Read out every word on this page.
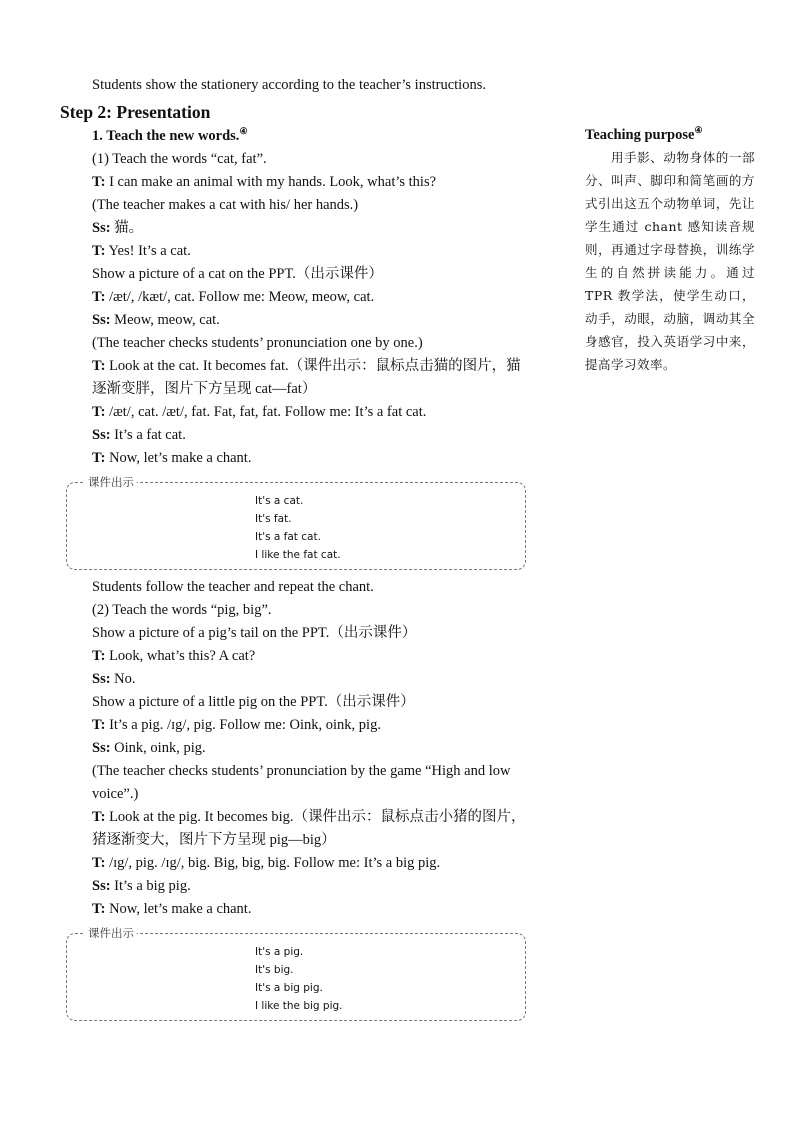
Students show the stationery according to the teacher’s instructions.
Step 2: Presentation
1. Teach the new words.④
(1) Teach the words “cat, fat”.
T: I can make an animal with my hands. Look, what’s this?
(The teacher makes a cat with his/ her hands.)
Ss: 猫。
T: Yes! It’s a cat.
Show a picture of a cat on the PPT.（出示课件）
T: /æt/, /kæt/, cat. Follow me: Meow, meow, cat.
Ss: Meow, meow, cat.
(The teacher checks students’ pronunciation one by one.)
T: Look at the cat. It becomes fat.（课件出示：鼠标点击猫的图片，猫逐渐变胖，图片下方呈现 cat—fat）
T: /æt/, cat. /æt/, fat. Fat, fat, fat. Follow me: It’s a fat cat.
Ss: It’s a fat cat.
T: Now, let’s make a chant.
课件出示
It's a cat.
It's fat.
It's a fat cat.
I like the fat cat.
Students follow the teacher and repeat the chant.
(2) Teach the words “pig, big”.
Show a picture of a pig’s tail on the PPT.（出示课件）
T: Look, what’s this? A cat?
Ss: No.
Show a picture of a little pig on the PPT.（出示课件）
T: It’s a pig. /ɪg/, pig. Follow me: Oink, oink, pig.
Ss: Oink, oink, pig.
(The teacher checks students’ pronunciation by the game “High and low voice”.)
T: Look at the pig. It becomes big.（课件出示：鼠标点击小猪的图片，猪逐渐变大，图片下方呈现 pig—big）
T: /ɪg/, pig. /ɪg/, big. Big, big, big. Follow me: It’s a big pig.
Ss: It’s a big pig.
T: Now, let’s make a chant.
课件出示
It's a pig.
It's big.
It's a big pig.
I like the big pig.
Teaching purpose④
用手影、动物身体的一部分、叫声、脚印和简笔画的方式引出这五个动物单词，先让学生通过 chant 感知读音规则，再通过字母替换，训练学生的自然拼读能力。通过 TPR 教学法，使学生动口，动手，动眼，动脑，调动其全身感官，投入英语学习中来，提高学习效率。
